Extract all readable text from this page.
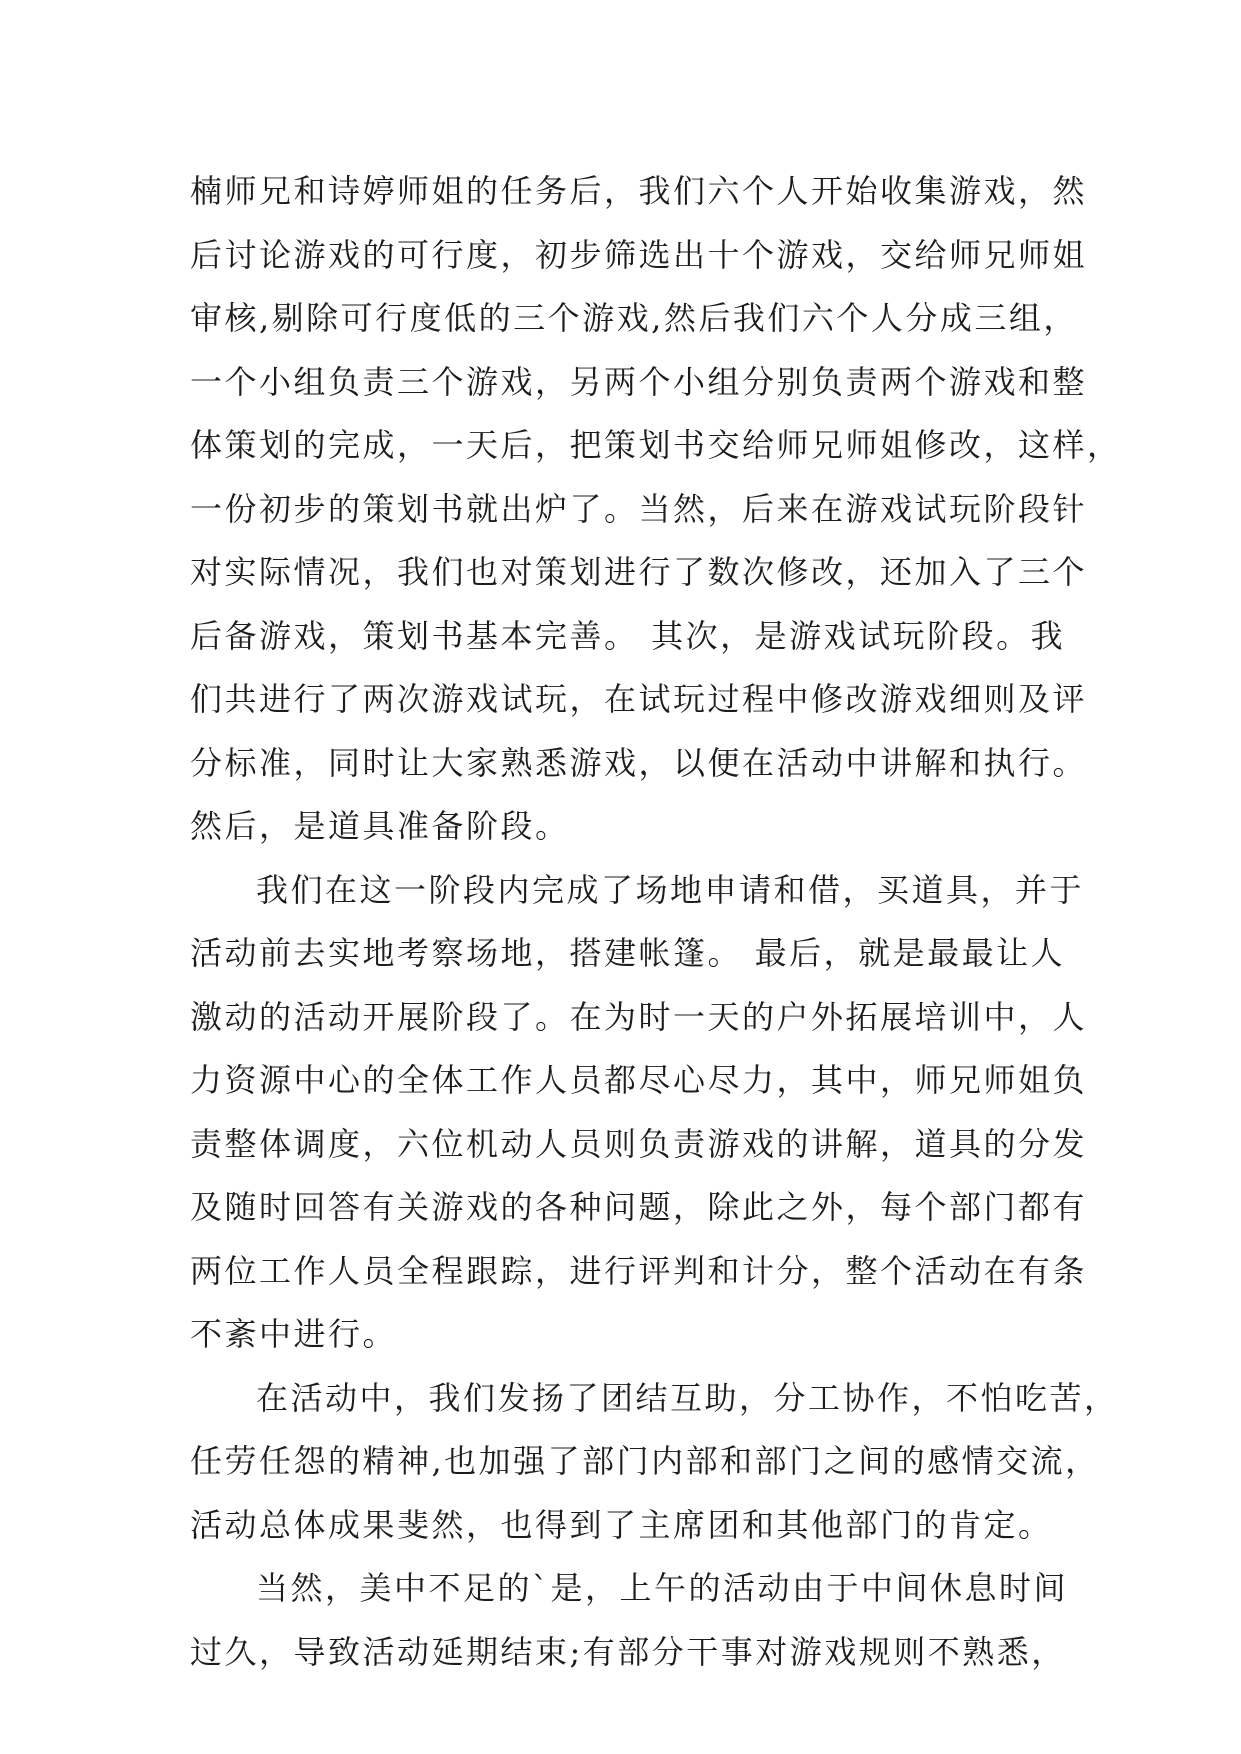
楠师兄和诗婷师姐的任务后，我们六个人开始收集游戏，然
后讨论游戏的可行度，初步筛选出十个游戏，交给师兄师姐
审核,剔除可行度低的三个游戏,然后我们六个人分成三组，
一个小组负责三个游戏，另两个小组分别负责两个游戏和整
体策划的完成，一天后，把策划书交给师兄师姐修改，这样，
一份初步的策划书就出炉了。当然，后来在游戏试玩阶段针
对实际情况，我们也对策划进行了数次修改，还加入了三个
后备游戏，策划书基本完善。 其次，是游戏试玩阶段。我
们共进行了两次游戏试玩，在试玩过程中修改游戏细则及评
分标准，同时让大家熟悉游戏，以便在活动中讲解和执行。
然后，是道具准备阶段。
我们在这一阶段内完成了场地申请和借，买道具，并于
活动前去实地考察场地，搭建帐篷。 最后，就是最最让人
激动的活动开展阶段了。在为时一天的户外拓展培训中，人
力资源中心的全体工作人员都尽心尽力，其中，师兄师姐负
责整体调度，六位机动人员则负责游戏的讲解，道具的分发
及随时回答有关游戏的各种问题，除此之外，每个部门都有
两位工作人员全程跟踪，进行评判和计分，整个活动在有条
不紊中进行。
在活动中，我们发扬了团结互助，分工协作，不怕吃苦，
任劳任怨的精神,也加强了部门内部和部门之间的感情交流，
活动总体成果斐然，也得到了主席团和其他部门的肯定。
当然，美中不足的`是，上午的活动由于中间休息时间
过久，导致活动延期结束;有部分干事对游戏规则不熟悉，
